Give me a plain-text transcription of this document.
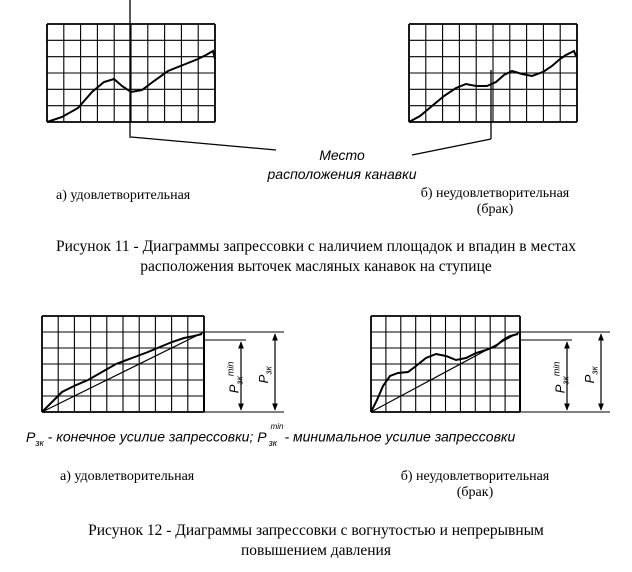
Место
расположения канавки
а) удовлетворительная	б) неудовлетворительная
(брак)
Рисунок 11 - Диаграммы запрессовки с наличием площадок и впадин в местах
расположения выточек масляных канавок на ступице
$P_{зк}^{min}$
$P_{зк}$
$P_{зк}^{min}$
$P_{зк}$
$P_{зк}$ - конечное усилие запрессовки; P
min
зк - минимальное усилие запрессовки
а) удовлетворительная	б) неудовлетворительная
(брак)
Рисунок 12 - Диаграммы запрессовки с вогнутостью и непрерывным
повышением давления
